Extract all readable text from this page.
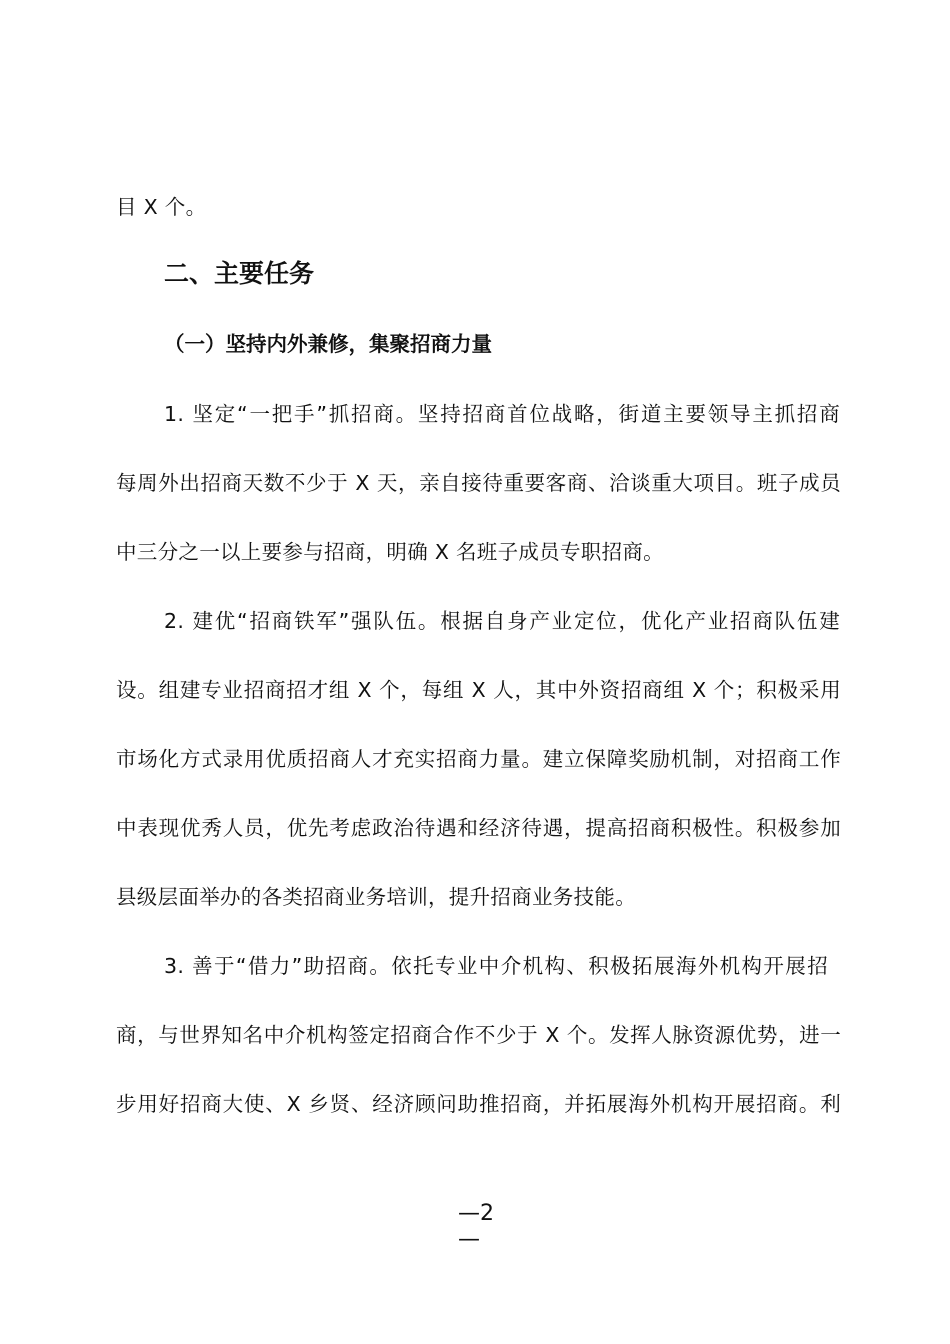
目 X 个。
二、主要任务
（一）坚持内外兼修，集聚招商力量
1. 坚定“一把手”抓招商。坚持招商首位战略，街道主要领导主抓招商
每周外出招商天数不少于 X 天，亲自接待重要客商、洽谈重大项目。班子成员
中三分之一以上要参与招商，明确 X 名班子成员专职招商。
2. 建优“招商铁军”强队伍。根据自身产业定位，优化产业招商队伍建
设。组建专业招商招才组 X 个，每组 X 人，其中外资招商组 X 个；积极采用
市场化方式录用优质招商人才充实招商力量。建立保障奖励机制，对招商工作
中表现优秀人员，优先考虑政治待遇和经济待遇，提高招商积极性。积极参加
县级层面举办的各类招商业务培训，提升招商业务技能。
3. 善于“借力”助招商。依托专业中介机构、积极拓展海外机构开展招
商，与世界知名中介机构签定招商合作不少于 X 个。发挥人脉资源优势，进一
步用好招商大使、X 乡贤、经济顾问助推招商，并拓展海外机构开展招商。利
—2
—
